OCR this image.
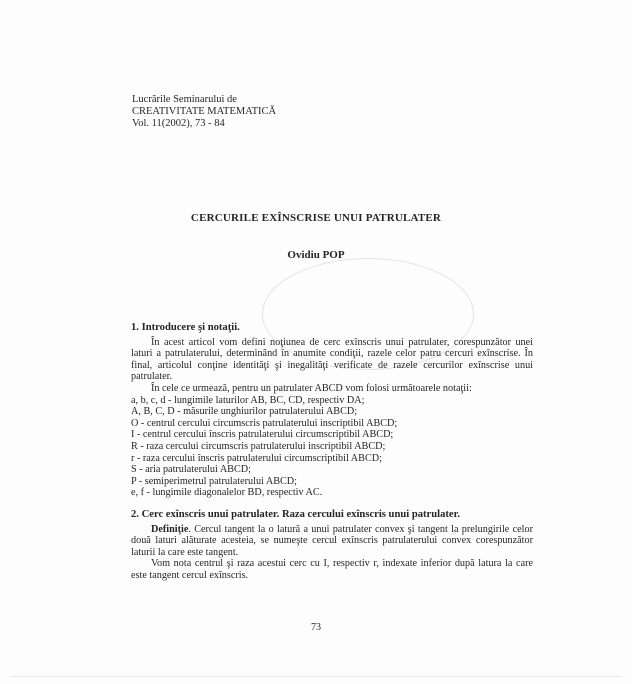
Lucrările Seminarului de
CREATIVITATE MATEMATICĂ
Vol. 11(2002), 73 - 84
CERCURILE EXÎNSCRISE UNUI PATRULATER
Ovidiu POP

1. Introducere şi notaţii.

În acest articol vom defini noţiunea de cerc exînscris unui patrulater, corespunzător unei laturi a patrulaterului, determinând în anumite condiţii, razele celor patru cercuri exînscrise. În final, articolul conţine identităţi şi inegalităţi verificate de razele cercurilor exînscrise unui patrulater.

În cele ce urmează, pentru un patrulater ABCD vom folosi următoarele notaţii:

a, b, c, d - lungimile laturilor AB, BC, CD, respectiv DA;

A, B, C, D - măsurile unghiurilor patrulaterului ABCD;

O - centrul cercului circumscris patrulaterului inscriptibil ABCD;

I - centrul cercului înscris patrulaterului circumscriptibil ABCD;

R - raza cercului circumscris patrulaterului inscriptibil ABCD;

r - raza cercului înscris patrulaterului circumscriptibil ABCD;

S - aria patrulaterului ABCD;

P - semiperimetrul patrulaterului ABCD;

e, f - lungimile diagonalelor BD, respectiv AC.

2. Cerc exînscris unui patrulater. Raza cercului exînscris unui patrulater.

Definiţie. Cercul tangent la o latură a unui patrulater convex şi tangent la prelungirile celor două laturi alăturate acesteia, se numeşte cercul exînscris patrulaterului convex corespunzător laturii la care este tangent.

Vom nota centrul şi raza acestui cerc cu I, respectiv r, indexate inferior după latura la care este tangent cercul exînscris.

73
